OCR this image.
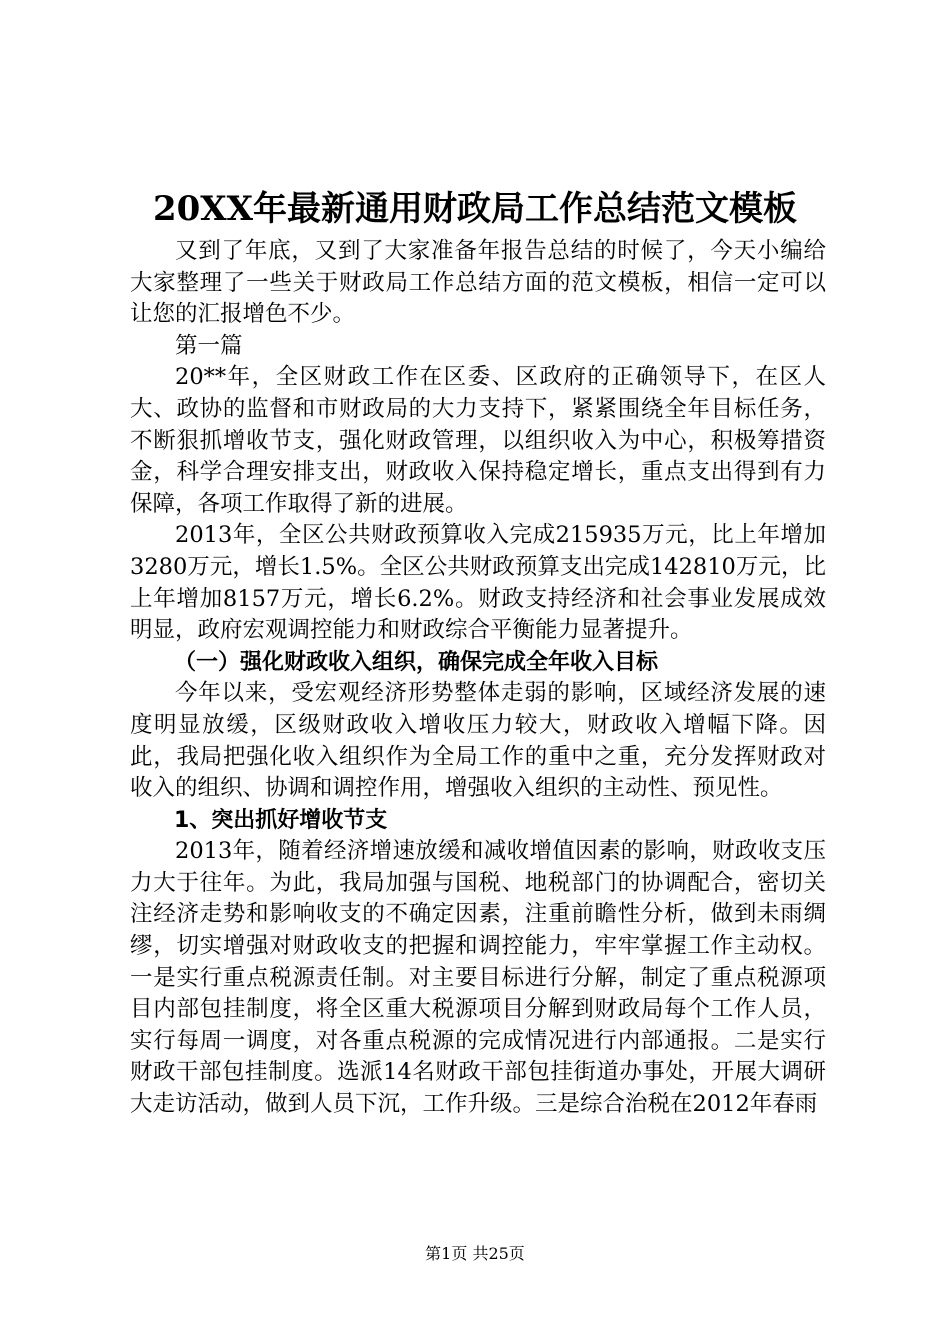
20XX年最新通用财政局工作总结范文模板

又到了年底，又到了大家准备年报告总结的时候了，今天小编给大家整理了一些关于财政局工作总结方面的范文模板，相信一定可以让您的汇报增色不少。

第一篇

20**年，全区财政工作在区委、区政府的正确领导下，在区人大、政协的监督和市财政局的大力支持下，紧紧围绕全年目标任务，不断狠抓增收节支，强化财政管理，以组织收入为中心，积极筹措资金，科学合理安排支出，财政收入保持稳定增长，重点支出得到有力保障，各项工作取得了新的进展。

2013年，全区公共财政预算收入完成215935万元，比上年增加3280万元，增长1.5%。全区公共财政预算支出完成142810万元，比上年增加8157万元，增长6.2%。财政支持经济和社会事业发展成效明显，政府宏观调控能力和财政综合平衡能力显著提升。

（一）强化财政收入组织，确保完成全年收入目标

今年以来，受宏观经济形势整体走弱的影响，区域经济发展的速度明显放缓，区级财政收入增收压力较大，财政收入增幅下降。因此，我局把强化收入组织作为全局工作的重中之重，充分发挥财政对收入的组织、协调和调控作用，增强收入组织的主动性、预见性。

1、突出抓好增收节支

2013年，随着经济增速放缓和减收增值因素的影响，财政收支压力大于往年。为此，我局加强与国税、地税部门的协调配合，密切关注经济走势和影响收支的不确定因素，注重前瞻性分析，做到未雨绸缪，切实增强对财政收支的把握和调控能力，牢牢掌握工作主动权。一是实行重点税源责任制。对主要目标进行分解，制定了重点税源项目内部包挂制度，将全区重大税源项目分解到财政局每个工作人员，实行每周一调度，对各重点税源的完成情况进行内部通报。二是实行财政干部包挂制度。选派14名财政干部包挂街道办事处，开展大调研大走访活动，做到人员下沉，工作升级。三是综合治税在2012年春雨

第1页 共25页
